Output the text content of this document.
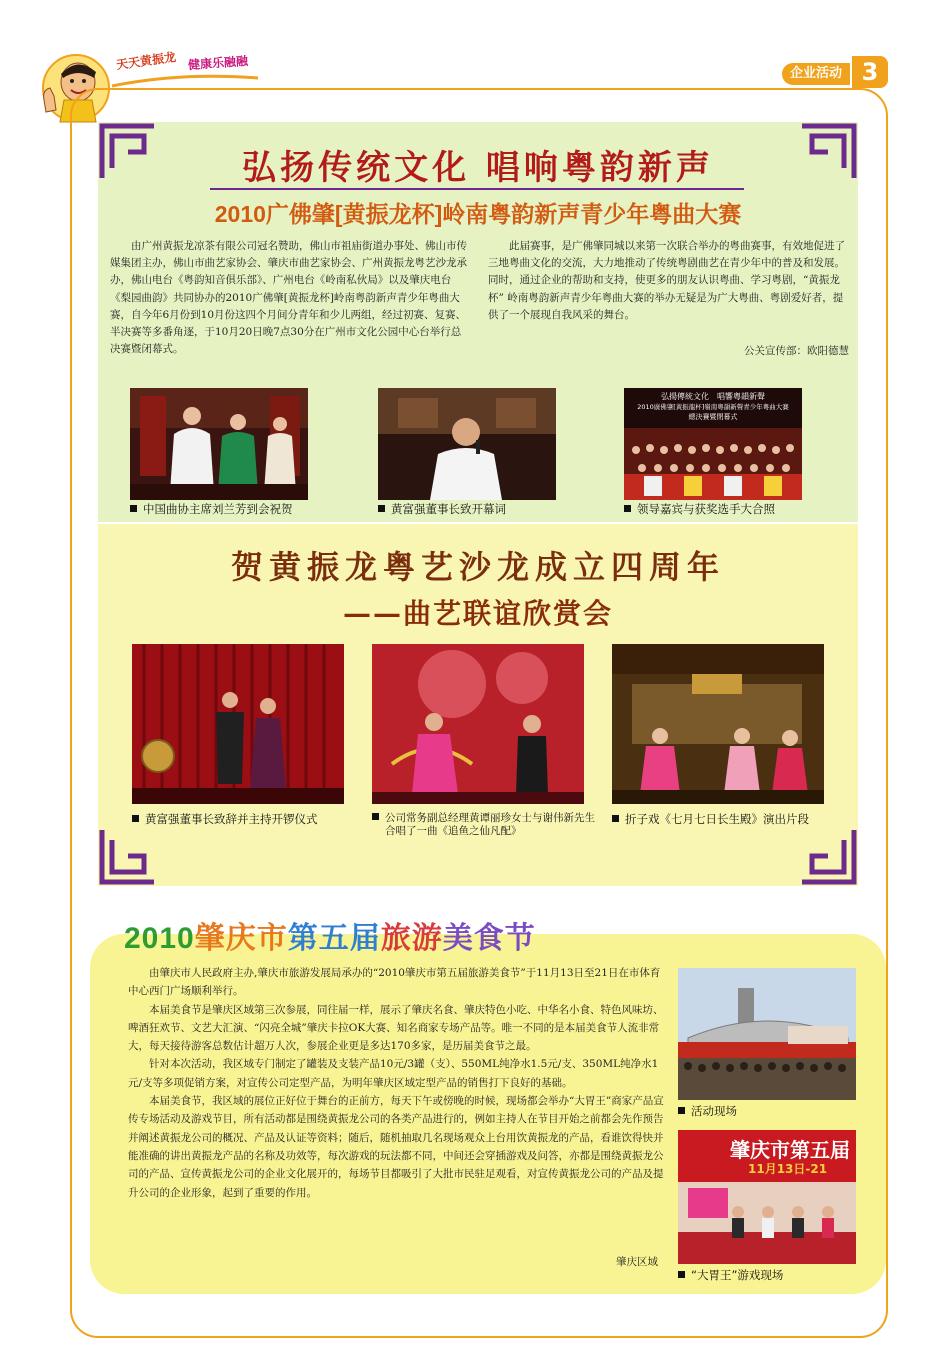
天天黄振龙 健康乐融融
企业活动 3
弘扬传统文化 唱响粤韵新声
2010广佛肇[黄振龙杯]岭南粤韵新声青少年粤曲大赛

由广州黄振龙凉茶有限公司冠名赞助，佛山市祖庙街道办事处、佛山市传媒集团主办，佛山市曲艺家协会、肇庆市曲艺家协会、广州黄振龙粤艺沙龙承办，佛山电台《粤韵知音俱乐部》、广州电台《岭南私伙局》以及肇庆电台《梨园曲韵》共同协办的2010广佛肇[黄振龙杯]岭南粤韵新声青少年粤曲大赛，自今年6月份到10月份这四个月间分青年和少儿两组，经过初赛、复赛、半决赛等多番角逐，于10月20日晚7点30分在广州市文化公园中心台举行总决赛暨闭幕式。

此届赛事，是广佛肇同城以来第一次联合举办的粤曲赛事，有效地促进了三地粤曲文化的交流，大力地推动了传统粤剧曲艺在青少年中的普及和发展。同时，通过企业的帮助和支持，使更多的朋友认识粤曲、学习粤剧，“黄振龙杯” 岭南粤韵新声青少年粤曲大赛的举办无疑是为广大粤曲、粤剧爱好者，提供了一个展现自我风采的舞台。

公关宣传部：欧阳德慧
中国曲协主席刘兰芳到会祝贺	黄富强董事长致开幕词
弘揚傳統文化　唱響粵韻新聲
2010廣佛肇[黃振龍杯]嶺南粵韻新聲青少年粵曲大賽
總決賽暨閉幕式
领导嘉宾与获奖选手大合照
贺黄振龙粤艺沙龙成立四周年
——曲艺联谊欣赏会
黄富强董事长致辞并主持开锣仪式	公司常务副总经理黄谭丽珍女士与谢伟新先生
合唱了一曲《追鱼之仙凡配》
折子戏《七月七日长生殿》演出片段
2010肇庆市第五届旅游美食节

由肇庆市人民政府主办,肇庆市旅游发展局承办的“2010肇庆市第五届旅游美食节”于11月13日至21日在市体育中心西门广场顺利举行。

本届美食节是肇庆区域第三次参展，同往届一样，展示了肇庆名食、肇庆特色小吃、中华名小食、特色风味坊、啤酒狂欢节、文艺大汇演、“闪亮全城”肇庆卡拉OK大赛、知名商家专场产品等。唯一不同的是本届美食节人流非常大，每天接待游客总数估计超万人次，参展企业更是多达170多家，是历届美食节之最。

针对本次活动，我区域专门制定了罐装及支装产品10元/3罐（支）、550ML纯净水1.5元/支、350ML纯净水1元/支等多项促销方案，对宣传公司定型产品，为明年肇庆区域定型产品的销售打下良好的基础。

本届美食节，我区域的展位正好位于舞台的正前方，每天下午或傍晚的时候，现场都会举办“大胃王”商家产品宣传专场活动及游戏节目，所有活动都是围绕黄振龙公司的各类产品进行的，例如主持人在节目开始之前都会先作预告并阐述黄振龙公司的概况、产品及认证等资料；随后，随机抽取几名现场观众上台用饮黄振龙的产品，看谁饮得快并能准确的讲出黄振龙产品的名称及功效等，每次游戏的玩法都不同，中间还会穿插游戏及问答，亦都是围绕黄振龙公司的产品、宣传黄振龙公司的企业文化展开的，每场节目都吸引了大批市民驻足观看，对宣传黄振龙公司的产品及提升公司的企业形象，起到了重要的作用。

肇庆区域
活动现场
肇庆市第五届
11月13日-21
“大胃王”游戏现场
